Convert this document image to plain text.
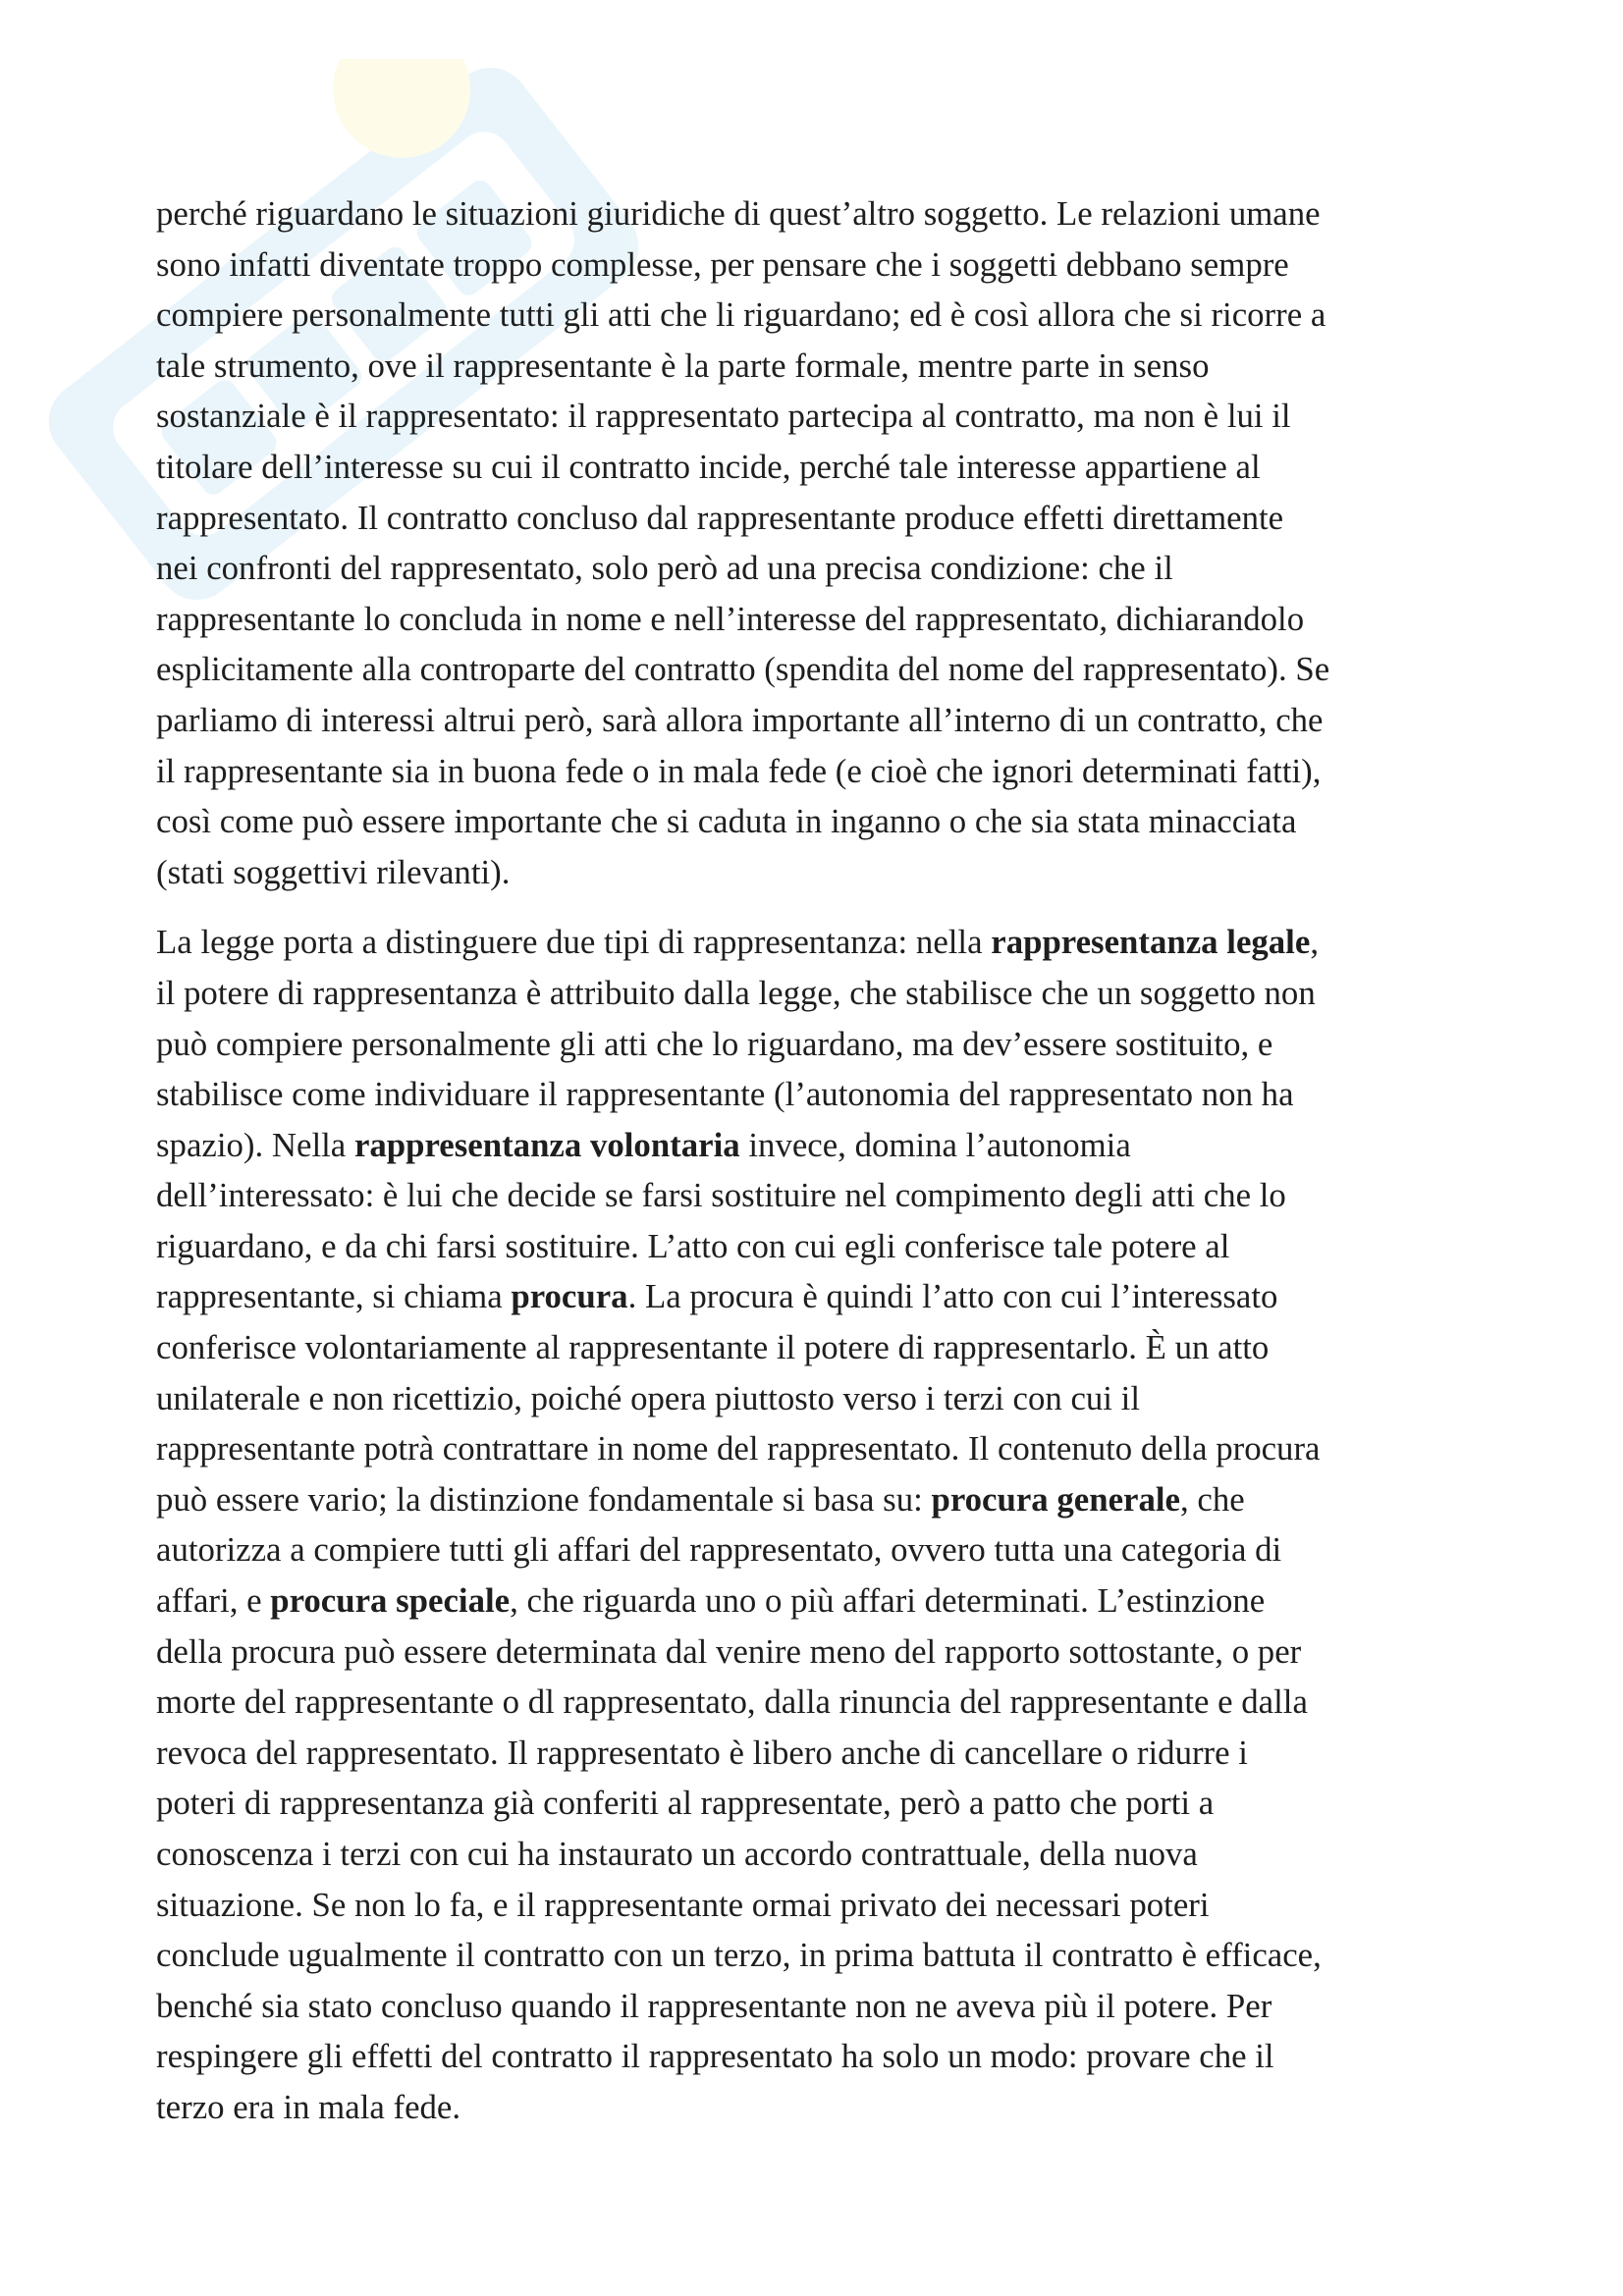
perché riguardano le situazioni giuridiche di quest’altro soggetto. Le relazioni umane
sono infatti diventate troppo complesse, per pensare che i soggetti debbano sempre
compiere personalmente tutti gli atti che li riguardano; ed è così allora che si ricorre a
tale strumento, ove il rappresentante è la parte formale, mentre parte in senso
sostanziale è il rappresentato: il rappresentato partecipa al contratto, ma non è lui il
titolare dell’interesse su cui il contratto incide, perché tale interesse appartiene al
rappresentato. Il contratto concluso dal rappresentante produce effetti direttamente
nei confronti del rappresentato, solo però ad una precisa condizione: che il
rappresentante lo concluda in nome e nell’interesse del rappresentato, dichiarandolo
esplicitamente alla controparte del contratto (spendita del nome del rappresentato). Se
parliamo di interessi altrui però, sarà allora importante all’interno di un contratto, che
il rappresentante sia in buona fede o in mala fede (e cioè che ignori determinati fatti),
così come può essere importante che si caduta in inganno o che sia stata minacciata
(stati soggettivi rilevanti).

La legge porta a distinguere due tipi di rappresentanza: nella rappresentanza legale,
il potere di rappresentanza è attribuito dalla legge, che stabilisce che un soggetto non
può compiere personalmente gli atti che lo riguardano, ma dev’essere sostituito, e
stabilisce come individuare il rappresentante (l’autonomia del rappresentato non ha
spazio). Nella rappresentanza volontaria invece, domina l’autonomia
dell’interessato: è lui che decide se farsi sostituire nel compimento degli atti che lo
riguardano, e da chi farsi sostituire. L’atto con cui egli conferisce tale potere al
rappresentante, si chiama procura. La procura è quindi l’atto con cui l’interessato
conferisce volontariamente al rappresentante il potere di rappresentarlo. È un atto
unilaterale e non ricettizio, poiché opera piuttosto verso i terzi con cui il
rappresentante potrà contrattare in nome del rappresentato. Il contenuto della procura
può essere vario; la distinzione fondamentale si basa su: procura generale, che
autorizza a compiere tutti gli affari del rappresentato, ovvero tutta una categoria di
affari, e procura speciale, che riguarda uno o più affari determinati. L’estinzione
della procura può essere determinata dal venire meno del rapporto sottostante, o per
morte del rappresentante o dl rappresentato, dalla rinuncia del rappresentante e dalla
revoca del rappresentato. Il rappresentato è libero anche di cancellare o ridurre i
poteri di rappresentanza già conferiti al rappresentate, però a patto che porti a
conoscenza i terzi con cui ha instaurato un accordo contrattuale, della nuova
situazione. Se non lo fa, e il rappresentante ormai privato dei necessari poteri
conclude ugualmente il contratto con un terzo, in prima battuta il contratto è efficace,
benché sia stato concluso quando il rappresentante non ne aveva più il potere. Per
respingere gli effetti del contratto il rappresentato ha solo un modo: provare che il
terzo era in mala fede.
